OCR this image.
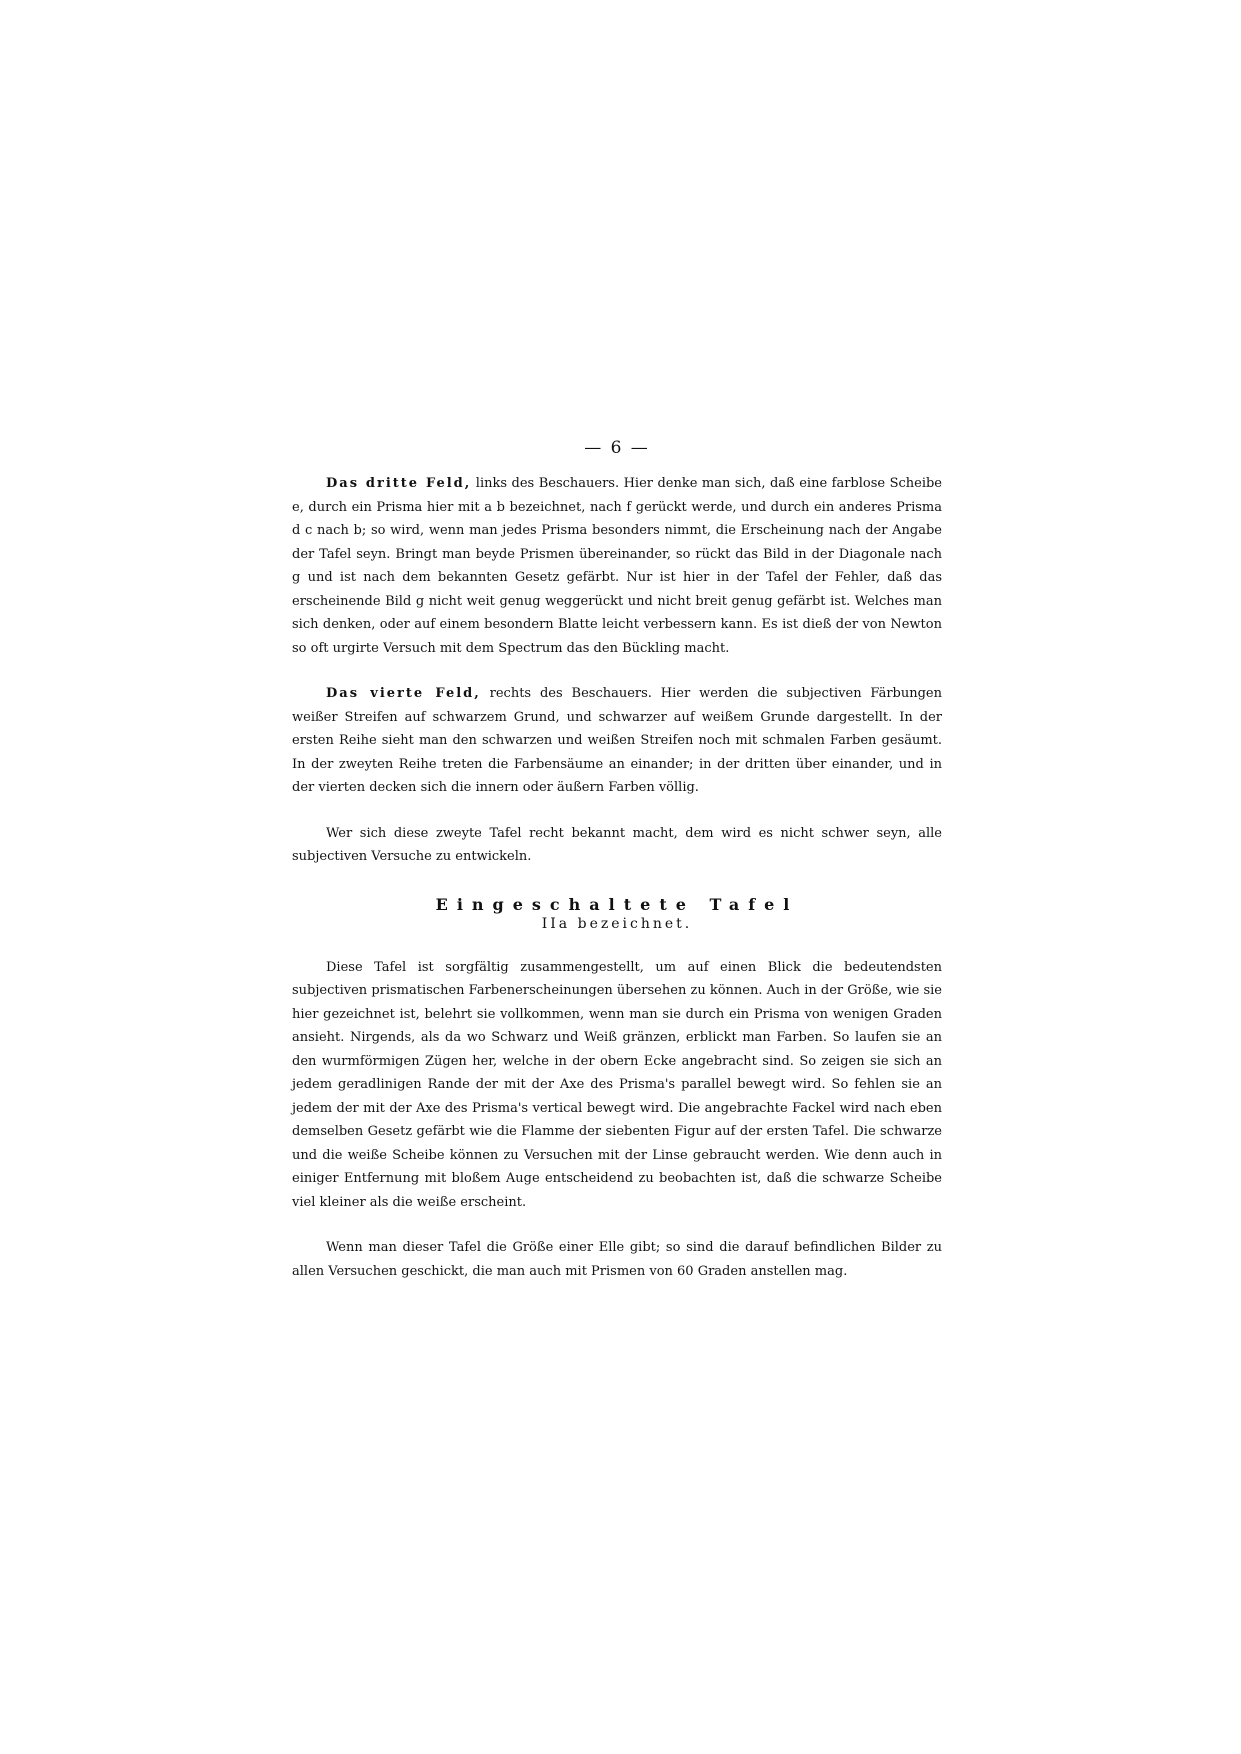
— 6 —

Das dritte Feld, links des Beschauers. Hier denke man sich, daß eine farblose Scheibe e, durch ein Prisma hier mit a b bezeichnet, nach f gerückt werde, und durch ein anderes Prisma d c nach b; so wird, wenn man jedes Prisma besonders nimmt, die Erscheinung nach der Angabe der Tafel seyn. Bringt man beyde Prismen übereinander, so rückt das Bild in der Diagonale nach g und ist nach dem bekannten Gesetz gefärbt. Nur ist hier in der Tafel der Fehler, daß das erscheinende Bild g nicht weit genug weggerückt und nicht breit genug gefärbt ist. Welches man sich denken, oder auf einem besondern Blatte leicht verbessern kann. Es ist dieß der von Newton so oft urgirte Versuch mit dem Spectrum das den Bückling macht.

Das vierte Feld, rechts des Beschauers. Hier werden die subjectiven Färbungen weißer Streifen auf schwarzem Grund, und schwarzer auf weißem Grunde dargestellt. In der ersten Reihe sieht man den schwarzen und weißen Streifen noch mit schmalen Farben gesäumt. In der zweyten Reihe treten die Farbensäume an einander; in der dritten über einander, und in der vierten decken sich die innern oder äußern Farben völlig.

Wer sich diese zweyte Tafel recht bekannt macht, dem wird es nicht schwer seyn, alle subjectiven Versuche zu entwickeln.

Eingeschaltete Tafel
IIa bezeichnet.

Diese Tafel ist sorgfältig zusammengestellt, um auf einen Blick die bedeutendsten subjectiven prismatischen Farbenerscheinungen übersehen zu können. Auch in der Größe, wie sie hier gezeichnet ist, belehrt sie vollkommen, wenn man sie durch ein Prisma von wenigen Graden ansieht. Nirgends, als da wo Schwarz und Weiß gränzen, erblickt man Farben. So laufen sie an den wurmförmigen Zügen her, welche in der obern Ecke angebracht sind. So zeigen sie sich an jedem geradlinigen Rande der mit der Axe des Prisma's parallel bewegt wird. So fehlen sie an jedem der mit der Axe des Prisma's vertical bewegt wird. Die angebrachte Fackel wird nach eben demselben Gesetz gefärbt wie die Flamme der siebenten Figur auf der ersten Tafel. Die schwarze und die weiße Scheibe können zu Versuchen mit der Linse gebraucht werden. Wie denn auch in einiger Entfernung mit bloßem Auge entscheidend zu beobachten ist, daß die schwarze Scheibe viel kleiner als die weiße erscheint.

Wenn man dieser Tafel die Größe einer Elle gibt; so sind die darauf befindlichen Bilder zu allen Versuchen geschickt, die man auch mit Prismen von 60 Graden anstellen mag.
